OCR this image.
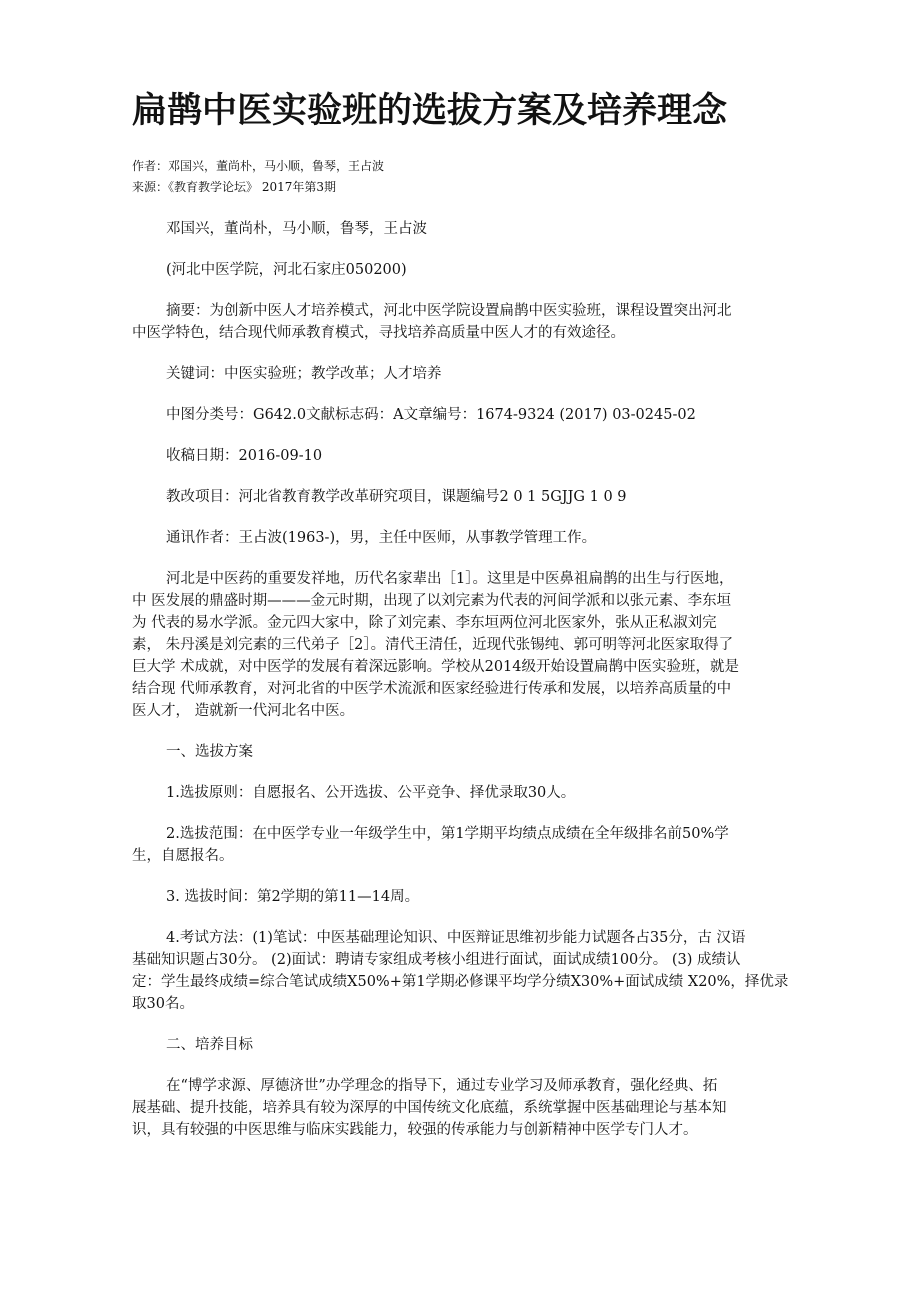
扁鹊中医实验班的选拔方案及培养理念
作者：邓国兴，董尚朴，马小顺，鲁琴，王占波
来源：《教育教学论坛》 2017年第3期

邓国兴，董尚朴，马小顺，鲁琴，王占波

(河北中医学院，河北石家庄050200)

摘要：为创新中医人才培养模式，河北中医学院设置扁鹊中医实验班，课程设置突出河北
中医学特色，结合现代师承教育模式，寻找培养高质量中医人才的有效途径。

关键词：中医实验班；教学改革；人才培养

中图分类号：G642.0文献标志码：A文章编号：1674-9324 (2017) 03-0245-02

收稿日期：2016-09-10

教改项目：河北省教育教学改革研究项目，课题编号2 0 1 5GJJG 1 0 9

通讯作者：王占波(1963-)，男，主任中医师，从事教学管理工作。

河北是中医药的重要发祥地，历代名家辈出［1］。这里是中医鼻祖扁鹊的出生与行医地，
中 医发展的鼎盛时期———金元时期，出现了以刘完素为代表的河间学派和以张元素、李东垣
为 代表的易水学派。金元四大家中，除了刘完素、李东垣两位河北医家外，张从正私淑刘完
素， 朱丹溪是刘完素的三代弟子［2］。清代王清任，近现代张锡纯、郭可明等河北医家取得了
巨大学 术成就，对中医学的发展有着深远影响。学校从2014级开始设置扁鹊中医实验班，就是
结合现 代师承教育，对河北省的中医学术流派和医家经验进行传承和发展，以培养高质量的中
医人才， 造就新一代河北名中医。

一、选拔方案

1.选拔原则：自愿报名、公开选拔、公平竞争、择优录取30人。

2.选拔范围：在中医学专业一年级学生中，第1学期平均绩点成绩在全年级排名前50%学
生，自愿报名。

3. 选拔时间：第2学期的第11—14周。

4.考试方法：(1)笔试：中医基础理论知识、中医辩证思维初步能力试题各占35分，古 汉语
基础知识题占30分。 (2)面试：聘请专家组成考核小组进行面试，面试成绩100分。 (3) 成绩认
定：学生最终成绩=综合笔试成绩X50%+第1学期必修课平均学分绩X30%+面试成绩 X20%，择优录
取30名。

二、培养目标

在“博学求源、厚德济世”办学理念的指导下，通过专业学习及师承教育，强化经典、拓
展基础、提升技能，培养具有较为深厚的中国传统文化底蕴，系统掌握中医基础理论与基本知
识，具有较强的中医思维与临床实践能力，较强的传承能力与创新精神中医学专门人才。
